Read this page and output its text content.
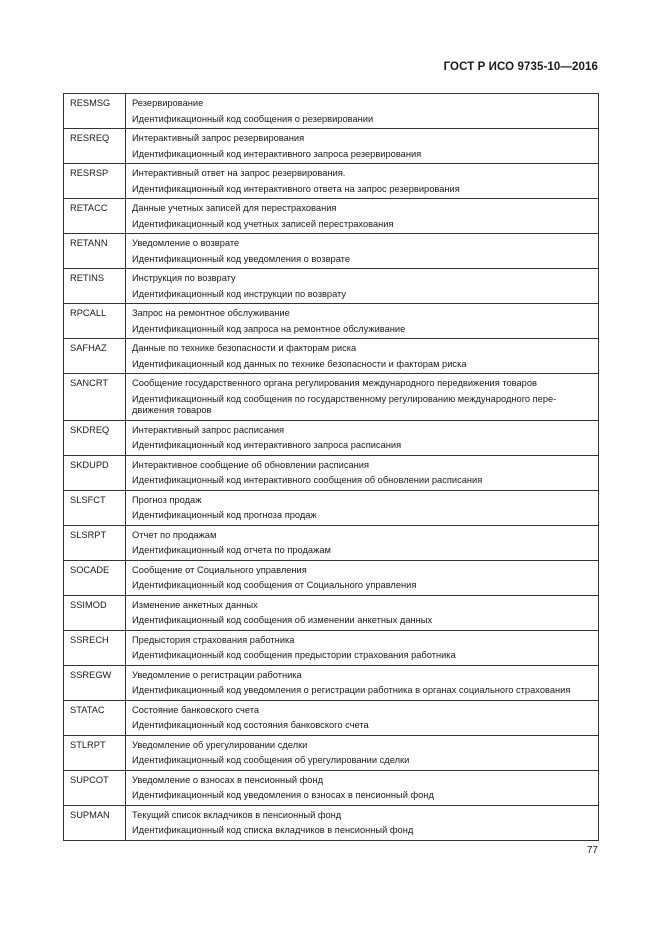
ГОСТ Р ИСО 9735-10—2016
RESMSG	Резервирование
Идентификационный код сообщения о резервировании

RESREQ	Интерактивный запрос резервирования
Идентификационный код интерактивного запроса резервирования

RESRSP	Интерактивный ответ на запрос резервирования.
Идентификационный код интерактивного ответа на запрос резервирования

RETACC	Данные учетных записей для перестрахования
Идентификационный код учетных записей перестрахования

RETANN	Уведомление о возврате
Идентификационный код уведомления о возврате

RETINS	Инструкция по возврату
Идентификационный код инструкции по возврату

RPCALL	Запрос на ремонтное обслуживание
Идентификационный код запроса на ремонтное обслуживание

SAFHAZ	Данные по технике безопасности и факторам риска
Идентификационный код данных по технике безопасности и факторам риска

SANCRT	Сообщение государственного органа регулирования международного передвижения товаров
Идентификационный код сообщения по государственному регулированию международного пере-движения товаров

SKDREQ	Интерактивный запрос расписания
Идентификационный код интерактивного запроса расписания

SKDUPD	Интерактивное сообщение об обновлении расписания
Идентификационный код интерактивного сообщения об обновлении расписания

SLSFCT	Прогноз продаж
Идентификационный код прогноза продаж

SLSRPT	Отчет по продажам
Идентификационный код отчета по продажам

SOCADE	Сообщение от Социального управления
Идентификационный код сообщения от Социального управления

SSIMOD	Изменение анкетных данных
Идентификационный код сообщения об изменении анкетных данных

SSRECH	Предыстория страхования работника
Идентификационный код сообщения предыстории страхования работника

SSREGW	Уведомление о регистрации работника
Идентификационный код уведомления о регистрации работника в органах социального страхования

STATAC	Состояние банковского счета
Идентификационный код состояния банковского счета

STLRPT	Уведомление об урегулировании сделки
Идентификационный код сообщения об урегулировании сделки

SUPCOT	Уведомление о взносах в пенсионный фонд
Идентификационный код уведомления о взносах в пенсионный фонд

SUPMAN	Текущий список вкладчиков в пенсионный фонд
Идентификационный код списка вкладчиков в пенсионный фонд
77
